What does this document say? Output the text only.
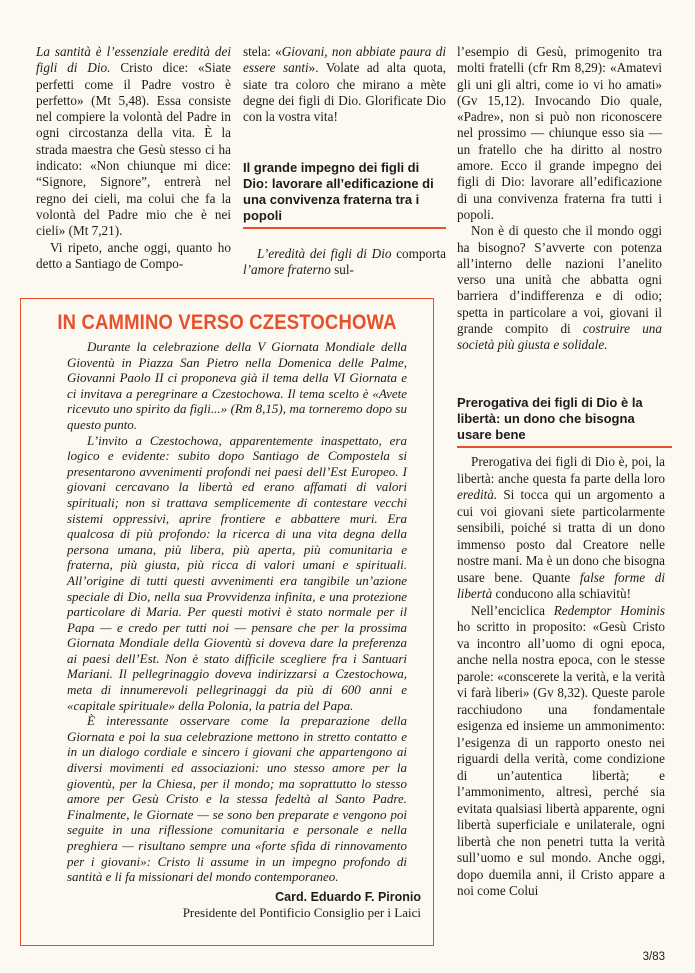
La santità è l’essenziale eredità dei figli di Dio. Cristo dice: «Siate perfetti come il Padre vostro è perfetto» (Mt 5,48). Essa consiste nel compiere la volontà del Padre in ogni circostanza della vita. È la strada maestra che Gesù stesso ci ha indicato: «Non chiunque mi dice: “Signore, Signore”, entrerà nel regno dei cieli, ma colui che fa la volontà del Padre mio che è nei cieli» (Mt 7,21).

Vi ripeto, anche oggi, quanto ho detto a Santiago de Compo-

stela: «Giovani, non abbiate paura di essere santi». Volate ad alta quota, siate tra coloro che mirano a mète degne dei figli di Dio. Glorificate Dio con la vostra vita!

Il grande impegno dei figli di Dio: lavorare all’edificazione di una convivenza fraterna tra i popoli

L’eredità dei figli di Dio comporta l’amore fraterno sul-

l’esempio di Gesù, primogenito tra molti fratelli (cfr Rm 8,29): «Amatevi gli uni gli altri, come io vi ho amati» (Gv 15,12). Invocando Dio quale, «Padre», non si può non riconoscere nel prossimo — chiunque esso sia — un fratello che ha diritto al nostro amore. Ecco il grande impegno dei figli di Dio: lavorare all’edificazione di una convivenza fraterna fra tutti i popoli.

Non è di questo che il mondo oggi ha bisogno? S’avverte con potenza all’interno delle nazioni l’anelito verso una unità che abbatta ogni barriera d’indifferenza e di odio; spetta in particolare a voi, giovani il grande compito di costruire una società più giusta e solidale.

Prerogativa dei figli di Dio è la libertà: un dono che bisogna usare bene

Prerogativa dei figli di Dio è, poi, la libertà: anche questa fa parte della loro eredità. Si tocca qui un argomento a cui voi giovani siete particolarmente sensibili, poiché si tratta di un dono immenso posto dal Creatore nelle nostre mani. Ma è un dono che bisogna usare bene. Quante false forme di libertà conducono alla schiavitù!

Nell’enciclica Redemptor Hominis ho scritto in proposito: «Gesù Cristo va incontro all’uomo di ogni epoca, anche nella nostra epoca, con le stesse parole: «conscerete la verità, e la verità vi farà liberi» (Gv 8,32). Queste parole racchiudono una fondamentale esigenza ed insieme un ammonimento: l’esigenza di un rapporto onesto nei riguardi della verità, come condizione di un’autentica libertà; e l’ammonimento, altresì, perché sia evitata qualsiasi libertà apparente, ogni libertà superficiale e unilaterale, ogni libertà che non penetri tutta la verità sull’uomo e sul mondo. Anche oggi, dopo duemila anni, il Cristo appare a noi come Colui

IN CAMMINO VERSO CZESTOCHOWA

Durante la celebrazione della V Giornata Mondiale della Gioventù in Piazza San Pietro nella Domenica delle Palme, Giovanni Paolo II ci proponeva già il tema della VI Giornata e ci invitava a peregrinare a Czestochowa. Il tema scelto è «Avete ricevuto uno spirito da figli...» (Rm 8,15), ma torneremo dopo su questo punto.

L’invito a Czestochowa, apparentemente inaspettato, era logico e evidente: subito dopo Santiago de Compostela si presentarono avvenimenti profondi nei paesi dell’Est Europeo. I giovani cercavano la libertà ed erano affamati di valori spirituali; non si trattava semplicemente di contestare vecchi sistemi oppressivi, aprire frontiere e abbattere muri. Era qualcosa di più profondo: la ricerca di una vita degna della persona umana, più libera, più aperta, più comunitaria e fraterna, più giusta, più ricca di valori umani e spirituali. All’origine di tutti questi avvenimenti era tangibile un’azione speciale di Dio, nella sua Provvidenza infinita, e una protezione particolare di Maria. Per questi motivi è stato normale per il Papa — e credo per tutti noi — pensare che per la prossima Giornata Mondiale della Gioventù si doveva dare la preferenza ai paesi dell’Est. Non è stato difficile scegliere fra i Santuari Mariani. Il pellegrinaggio doveva indirizzarsi a Czestochowa, meta di innumerevoli pellegrinaggi da più di 600 anni e «capitale spirituale» della Polonia, la patria del Papa.

È interessante osservare come la preparazione della Giornata e poi la sua celebrazione mettono in stretto contatto e in un dialogo cordiale e sincero i giovani che appartengono ai diversi movimenti ed associazioni: uno stesso amore per la gioventù, per la Chiesa, per il mondo; ma soprattutto lo stesso amore per Gesù Cristo e la stessa fedeltà al Santo Padre. Finalmente, le Giornate — se sono ben preparate e vengono poi seguite in una riflessione comunitaria e personale e nella preghiera — risultano sempre una «forte sfida di rinnovamento per i giovani»: Cristo li assume in un impegno profondo di santità e li fa missionari del mondo contemporaneo.

Card. Eduardo F. Pironio
Presidente del Pontificio Consiglio per i Laici
3/83
